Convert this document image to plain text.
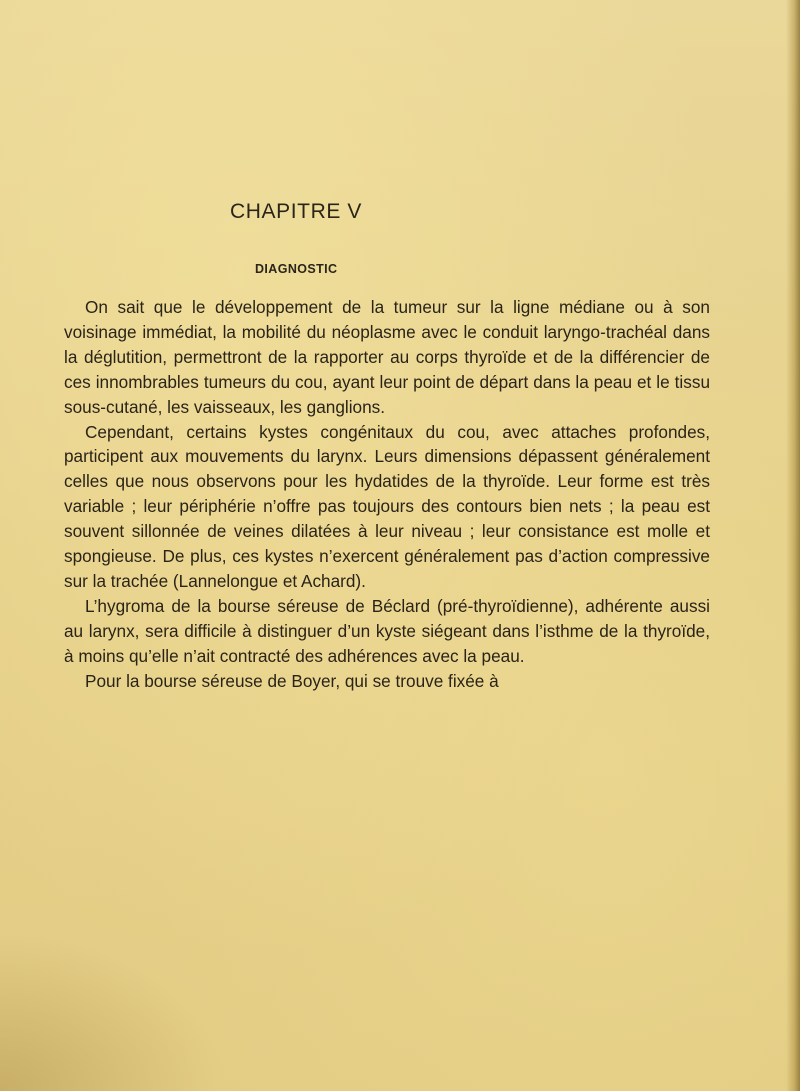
CHAPITRE V
DIAGNOSTIC

On sait que le développement de la tumeur sur la ligne médiane ou à son voisinage immédiat, la mobilité du néoplasme avec le conduit laryngo-trachéal dans la déglutition, permettront de la rapporter au corps thyroïde et de la différencier de ces innombrables tumeurs du cou, ayant leur point de départ dans la peau et le tissu sous-cutané, les vaisseaux, les ganglions.

Cependant, certains kystes congénitaux du cou, avec attaches profondes, participent aux mouvements du larynx. Leurs dimensions dépassent généralement celles que nous observons pour les hydatides de la thyroïde. Leur forme est très variable ; leur périphérie n’offre pas toujours des contours bien nets ; la peau est souvent sillonnée de veines dilatées à leur niveau ; leur consistance est molle et spongieuse. De plus, ces kystes n’exercent généralement pas d’action compressive sur la trachée (Lannelongue et Achard).

L’hygroma de la bourse séreuse de Béclard (pré-thyroïdienne), adhérente aussi au larynx, sera difficile à distinguer d’un kyste siégeant dans l’isthme de la thyroïde, à moins qu’elle n’ait contracté des adhérences avec la peau.

Pour la bourse séreuse de Boyer, qui se trouve fixée à
